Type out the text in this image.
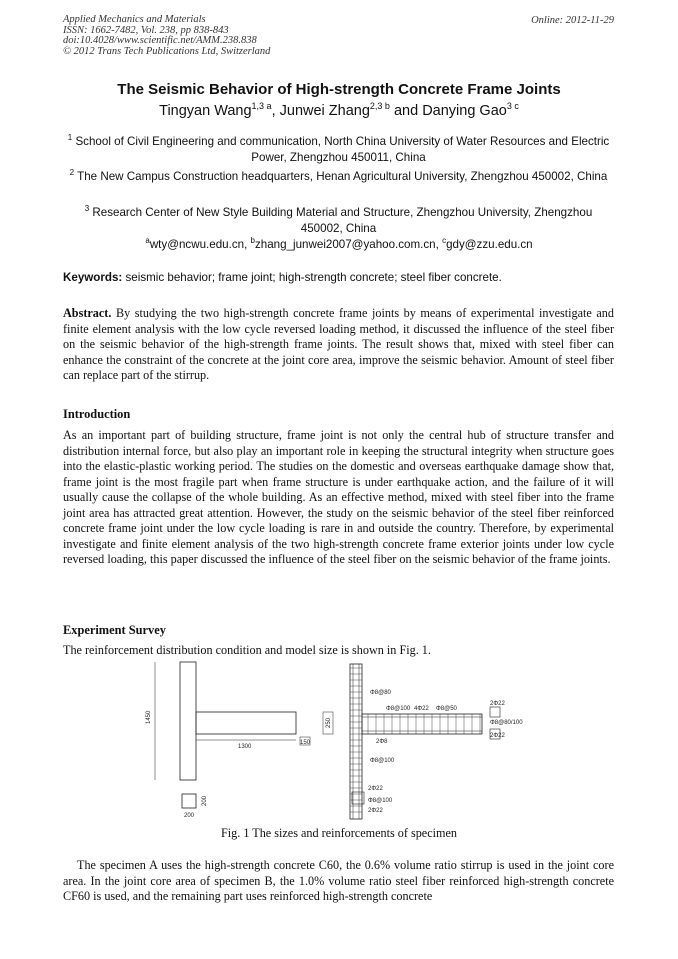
Applied Mechanics and Materials
ISSN: 1662-7482, Vol. 238, pp 838-843
doi:10.4028/www.scientific.net/AMM.238.838
© 2012 Trans Tech Publications Ltd, Switzerland
Online: 2012-11-29
The Seismic Behavior of High-strength Concrete Frame Joints
Tingyan Wang$^{1,3 a}$, Junwei Zhang$^{2,3 b}$ and Danying Gao$^{3 c}$
$^1$ School of Civil Engineering and communication, North China University of Water Resources and Electric Power, Zhengzhou 450011, China
$^2$ The New Campus Construction headquarters, Henan Agricultural University, Zhengzhou 450002, China
$^3$ Research Center of New Style Building Material and Structure, Zhengzhou University, Zhengzhou 450002, China
$^a$wty@ncwu.edu.cn, $^b$zhang_junwei2007@yahoo.com.cn, $^c$gdy@zzu.edu.cn
Keywords: seismic behavior; frame joint; high-strength concrete; steel fiber concrete.
Abstract. By studying the two high-strength concrete frame joints by means of experimental investigate and finite element analysis with the low cycle reversed loading method, it discussed the influence of the steel fiber on the seismic behavior of the high-strength frame joints. The result shows that, mixed with steel fiber can enhance the constraint of the concrete at the joint core area, improve the seismic behavior. Amount of steel fiber can replace part of the stirrup.
Introduction
As an important part of building structure, frame joint is not only the central hub of structure transfer and distribution internal force, but also play an important role in keeping the structural integrity when structure goes into the elastic-plastic working period. The studies on the domestic and overseas earthquake damage show that, frame joint is the most fragile part when frame structure is under earthquake action, and the failure of it will usually cause the collapse of the whole building. As an effective method, mixed with steel fiber into the frame joint area has attracted great attention. However, the study on the seismic behavior of the steel fiber reinforced concrete frame joint under the low cycle loading is rare in and outside the country. Therefore, by experimental investigate and finite element analysis of the two high-strength concrete frame exterior joints under low cycle reversed loading, this paper discussed the influence of the steel fiber on the seismic behavior of the frame joints.
Experiment Survey
The reinforcement distribution condition and model size is shown in Fig. 1.
1450
1300
150
250
200
200
Φ8@80
Φ8@100 4Φ22 Φ8@50
2Φ22
Φ8@80/100
2Φ8
Φ8@100
2Φ22
2Φ22
Φ8@100
2Φ22
Fig. 1 The sizes and reinforcements of specimen
The specimen A uses the high-strength concrete C60, the 0.6% volume ratio stirrup is used in the joint core area. In the joint core area of specimen B, the 1.0% volume ratio steel fiber reinforced high-strength concrete CF60 is used, and the remaining part uses reinforced high-strength concrete
